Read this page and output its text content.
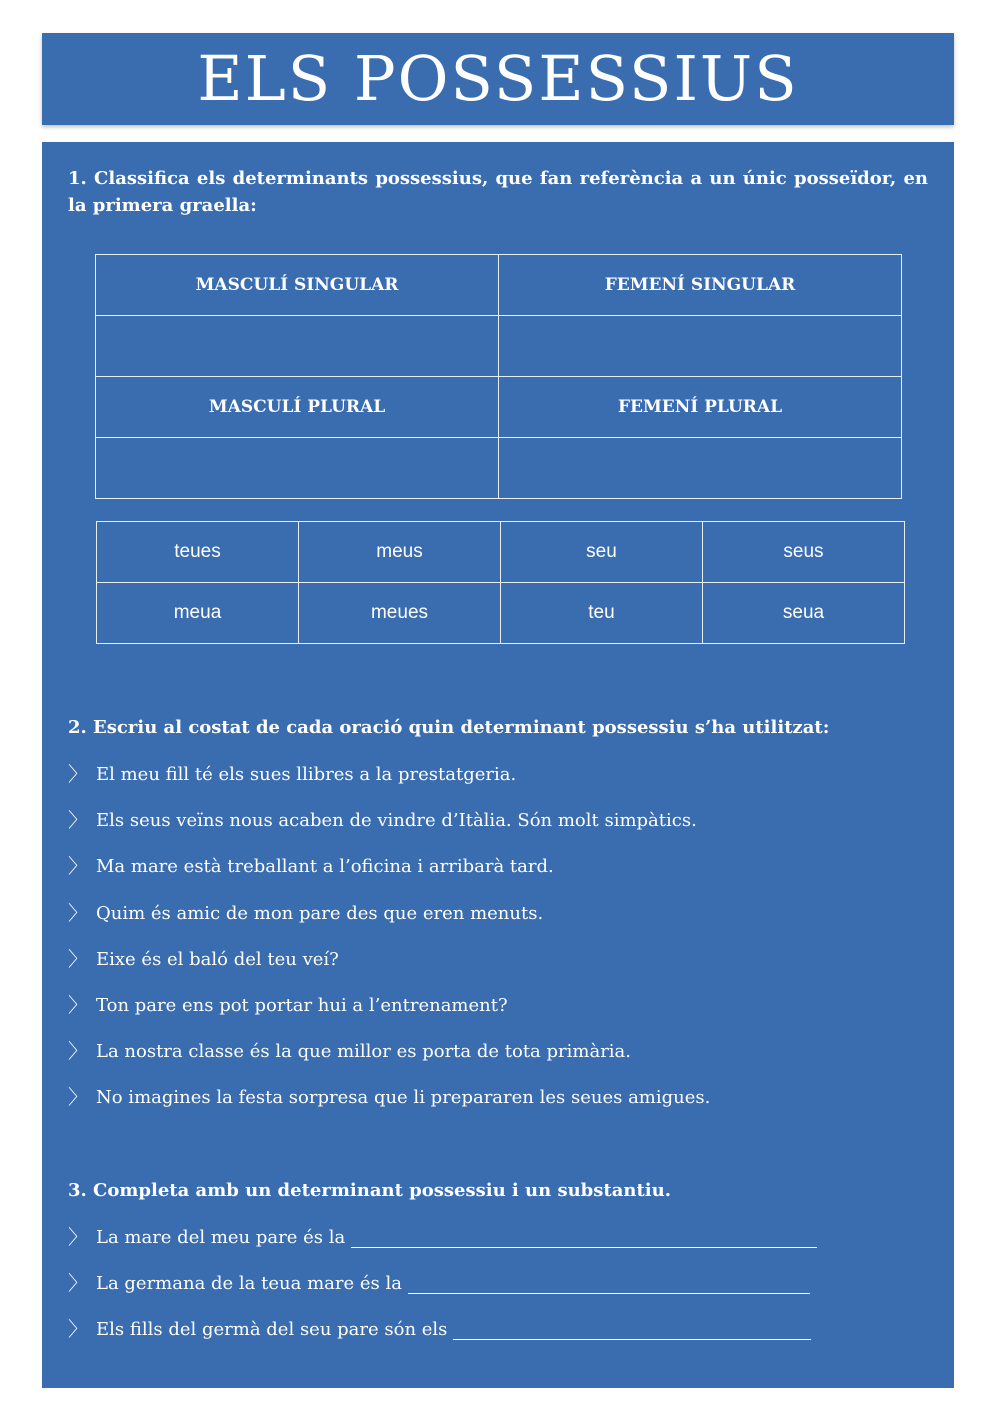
ELS POSSESSIUS
1. Classifica els determinants possessius, que fan referència a un únic posseïdor, en la primera graella:
MASCULÍ SINGULAR	FEMENÍ SINGULAR

MASCULÍ PLURAL	FEMENÍ PLURAL

teues	meus	seu	seus
meua	meues	teu	seua
2. Escriu al costat de cada oració quin determinant possessiu s’ha utilitzat:
〉 El meu fill té els sues llibres a la prestatgeria.
〉 Els seus veïns nous acaben de vindre d’Itàlia. Són molt simpàtics.
〉 Ma mare està treballant a l’oficina i arribarà tard.
〉 Quim és amic de mon pare des que eren menuts.
〉 Eixe és el baló del teu veí?
〉 Ton pare ens pot portar hui a l’entrenament?
〉 La nostra classe és la que millor es porta de tota primària.
〉 No imagines la festa sorpresa que li prepararen les seues amigues.
3. Completa amb un determinant possessiu i un substantiu.
〉 La mare del meu pare és la
〉 La germana de la teua mare és la
〉 Els fills del germà del seu pare són els
